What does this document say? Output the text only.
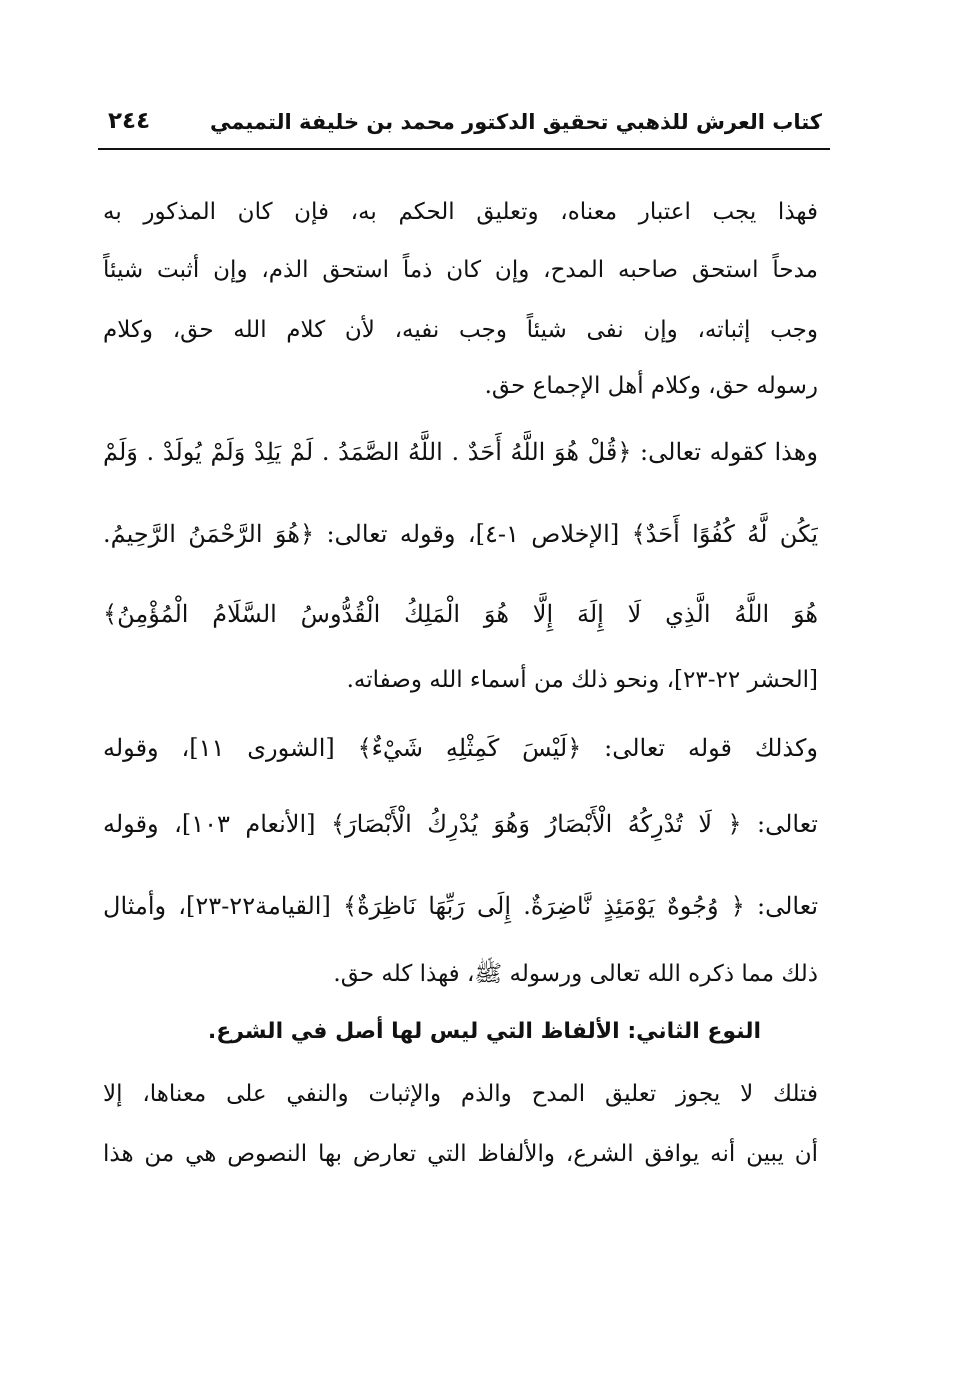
كتاب العرش للذهبي تحقيق الدكتور محمد بن خليفة التميمي
٢٤٤
فهذا يجب اعتبار معناه، وتعليق الحكم به، فإن كان المذكور به
مدحاً استحق صاحبه المدح، وإن كان ذماً استحق الذم، وإن أثبت شيئاً
وجب إثباته، وإن نفى شيئاً وجب نفيه، لأن كلام الله حق، وكلام
رسوله حق، وكلام أهل الإجماع حق.
وهذا كقوله تعالى: ﴿قُلْ هُوَ اللَّهُ أَحَدٌ . اللَّهُ الصَّمَدُ . لَمْ يَلِدْ وَلَمْ يُولَدْ . وَلَمْ
يَكُن لَّهُ كُفُوًا أَحَدٌ﴾ [الإخلاص ١-٤]، وقوله تعالى: ﴿هُوَ الرَّحْمَنُ الرَّحِيمُ.
هُوَ اللَّهُ الَّذِي لَا إِلَهَ إِلَّا هُوَ الْمَلِكُ الْقُدُّوسُ السَّلَامُ الْمُؤْمِنُ﴾
[الحشر ٢٢-٢٣]، ونحو ذلك من أسماء الله وصفاته.
وكذلك قوله تعالى: ﴿لَيْسَ كَمِثْلِهِ شَيْءٌ﴾ [الشورى ١١]، وقوله
تعالى: ﴿ لَا تُدْرِكُهُ الْأَبْصَارُ وَهُوَ يُدْرِكُ الْأَبْصَارَ﴾ [الأنعام ١٠٣]، وقوله
تعالى: ﴿ وُجُوهٌ يَوْمَئِذٍ نَّاضِرَةٌ. إِلَى رَبِّهَا نَاظِرَةٌ﴾ [القيامة٢٢-٢٣]، وأمثال
ذلك مما ذكره الله تعالى ورسوله ﷺ، فهذا كله حق.
النوع الثاني: الألفاظ التي ليس لها أصل في الشرع.
فتلك لا يجوز تعليق المدح والذم والإثبات والنفي على معناها، إلا
أن يبين أنه يوافق الشرع، والألفاظ التي تعارض بها النصوص هي من هذا
